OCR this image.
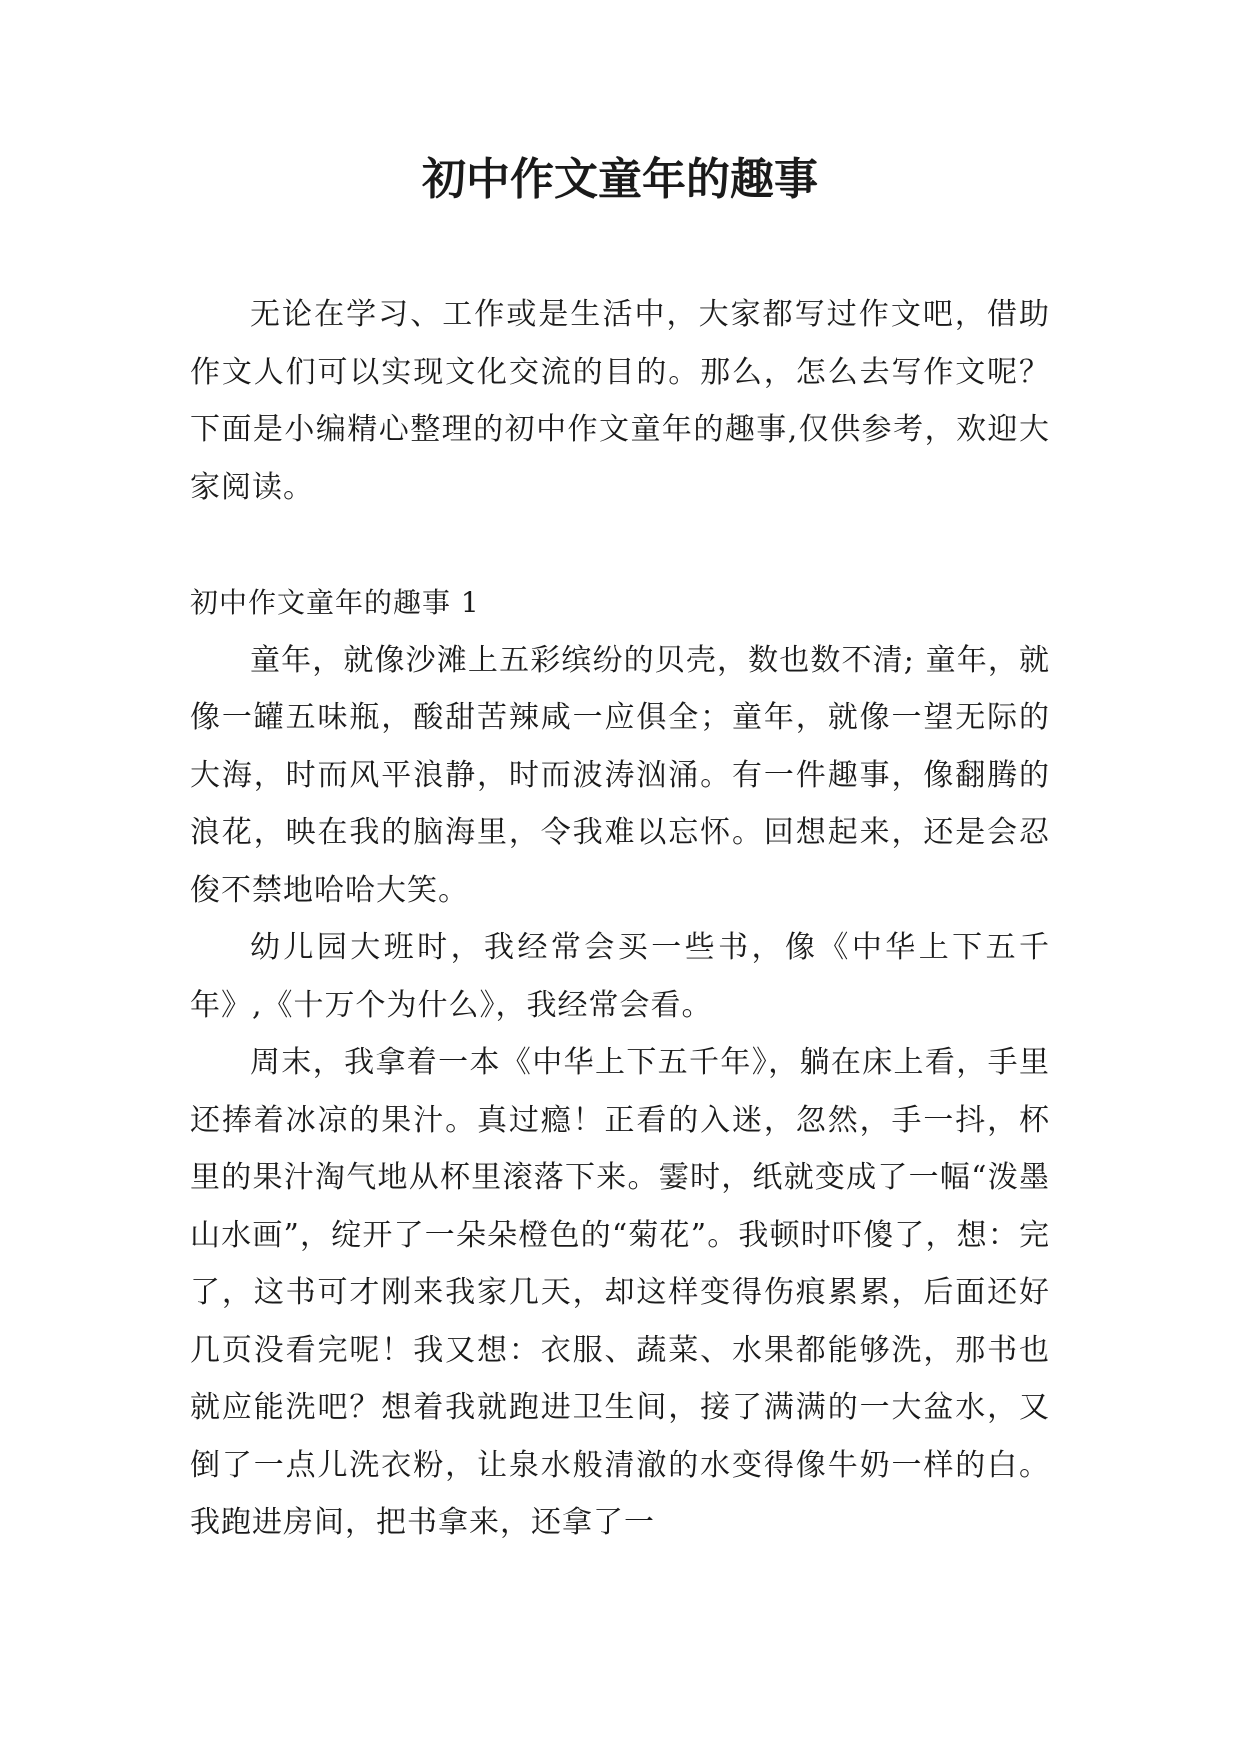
初中作文童年的趣事

无论在学习、工作或是生活中，大家都写过作文吧，借助作文人们可以实现文化交流的目的。那么，怎么去写作文呢？下面是小编精心整理的初中作文童年的趣事,仅供参考，欢迎大家阅读。

初中作文童年的趣事 1

童年，就像沙滩上五彩缤纷的贝壳，数也数不清; 童年，就像一罐五味瓶，酸甜苦辣咸一应俱全；童年，就像一望无际的大海，时而风平浪静，时而波涛汹涌。有一件趣事，像翻腾的浪花，映在我的脑海里，令我难以忘怀。回想起来，还是会忍俊不禁地哈哈大笑。

幼儿园大班时，我经常会买一些书，像《中华上下五千年》,《十万个为什么》，我经常会看。

周末，我拿着一本《中华上下五千年》，躺在床上看，手里还捧着冰凉的果汁。真过瘾！正看的入迷，忽然，手一抖，杯里的果汁淘气地从杯里滚落下来。霎时，纸就变成了一幅“泼墨山水画”，绽开了一朵朵橙色的“菊花”。我顿时吓傻了，想：完了，这书可才刚来我家几天，却这样变得伤痕累累，后面还好几页没看完呢！我又想：衣服、蔬菜、水果都能够洗，那书也就应能洗吧？想着我就跑进卫生间，接了满满的一大盆水，又倒了一点儿洗衣粉，让泉水般清澈的水变得像牛奶一样的白。我跑进房间，把书拿来，还拿了一
